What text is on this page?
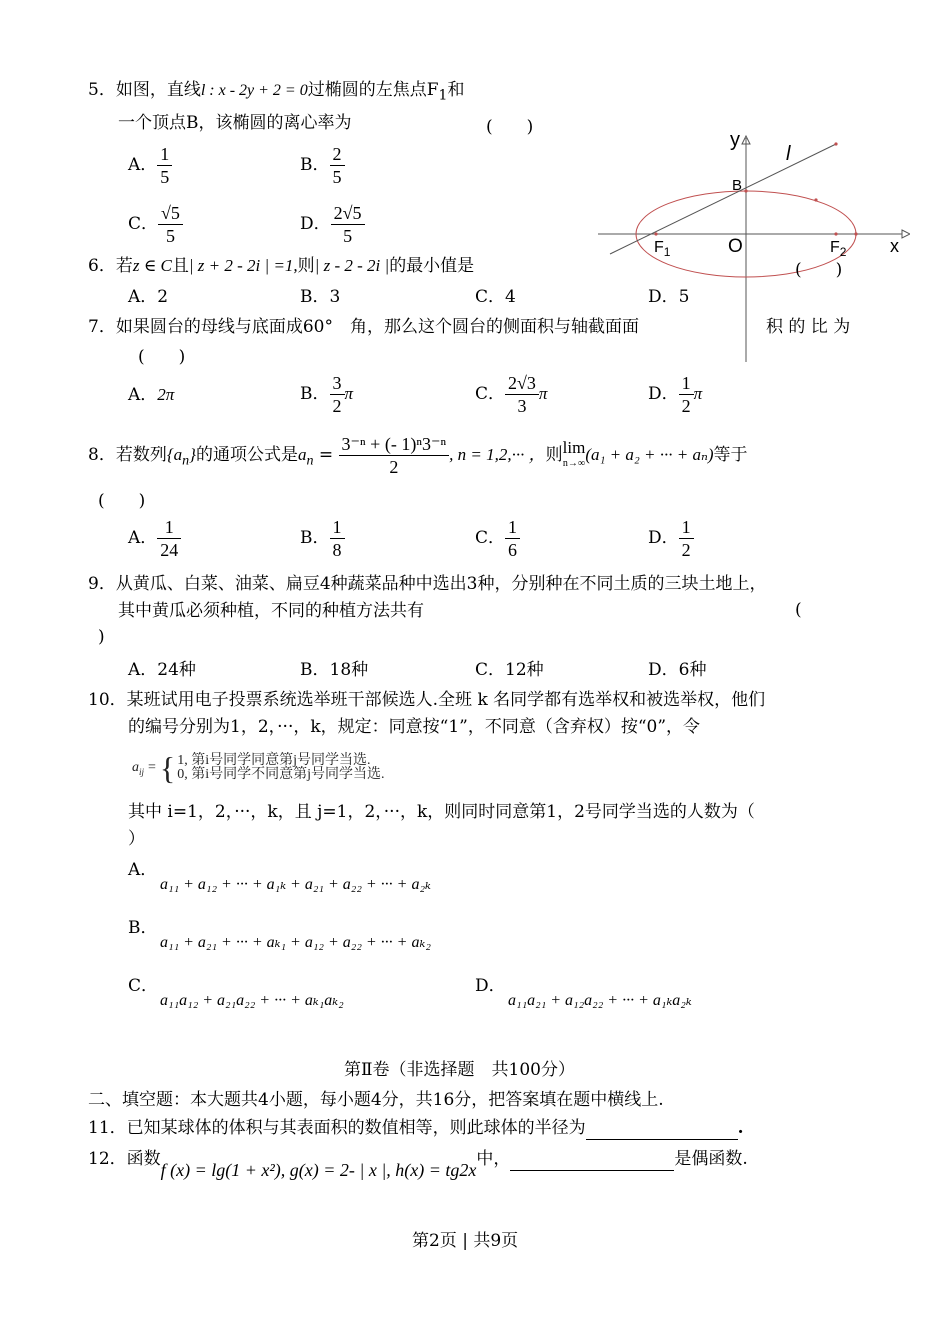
5．如图，直线l : x - 2y + 2 = 0过椭圆的左焦点$F_1$和
一个顶点B，该椭圆的离心率为	(　　)
A． $\frac{1}{5}$	B． $\frac{2}{5}$
C． $\frac{√5}{5}$	D． $\frac{2√5}{5}$
y
l
B
O
$F_1$	$F_2$ x
6．若z ∈ C且| z + 2 - 2i | =1,则| z - 2 - 2i |的最小值是	(　　)
A．2	B．3	C．4	D．5
7．如果圆台的母线与底面成60°　角，那么这个圆台的侧面积与轴截面面	积 的 比 为
(　　)
A．2π	B． $\frac{3}{2}$ π	C． $\frac{2√3}{3}$ π	D． $\frac{1}{2}$ π
8．若数列$\{a_n\}$的通项公式是$a_n = \frac{\text{3⁻ⁿ + (- 1)ⁿ3⁻ⁿ}}{2}$ , n = 1,2,··· ，则 lim
n→∞ (a₁ + a₂ + ··· + aₙ)等于
(　　)
A． $\frac{1}{24}$	B． $\frac{1}{8}$	C． $\frac{1}{6}$	D． $\frac{1}{2}$
9．从黄瓜、白菜、油菜、扁豆4种蔬菜品种中选出3种，分别种在不同土质的三块土地上，
其中黄瓜必须种植，不同的种植方法共有	(
)
A．24种	B．18种	C．12种	D．6种
10．某班试用电子投票系统选举班干部候选人.全班 k 名同学都有选举权和被选举权，他们
的编号分别为1，2，···，k，规定：同意按“1”，不同意（含弃权）按“0”，令
$a_{ij}$ = { 1, 第i号同学同意第j号同学当选.
0, 第i号同学不同意第j号同学当选.
其中 i=1，2，···，k，且 j=1，2，···，k，则同时同意第1，2号同学当选的人数为（
）
A．
a₁₁ + a₁₂ + ··· + a₁ₖ + a₂₁ + a₂₂ + ··· + a₂ₖ
B．
a₁₁ + a₂₁ + ··· + aₖ₁ + a₁₂ + a₂₂ + ··· + aₖ₂
C．
a₁₁a₁₂ + a₂₁a₂₂ + ··· + aₖ₁aₖ₂
D．
a₁₁a₂₁ + a₁₂a₂₂ + ··· + a₁ₖa₂ₖ
第Ⅱ卷（非选择题　共100分）
二、填空题：本大题共4小题，每小题4分，共16分，把答案填在题中横线上.
11．已知某球体的体积与其表面积的数值相等，则此球体的半径为	.
12．函数f (x) = lg(1 + x²), g(x) = 2- | x |, h(x) = tg2x中，	是偶函数.
第2页 | 共9页
